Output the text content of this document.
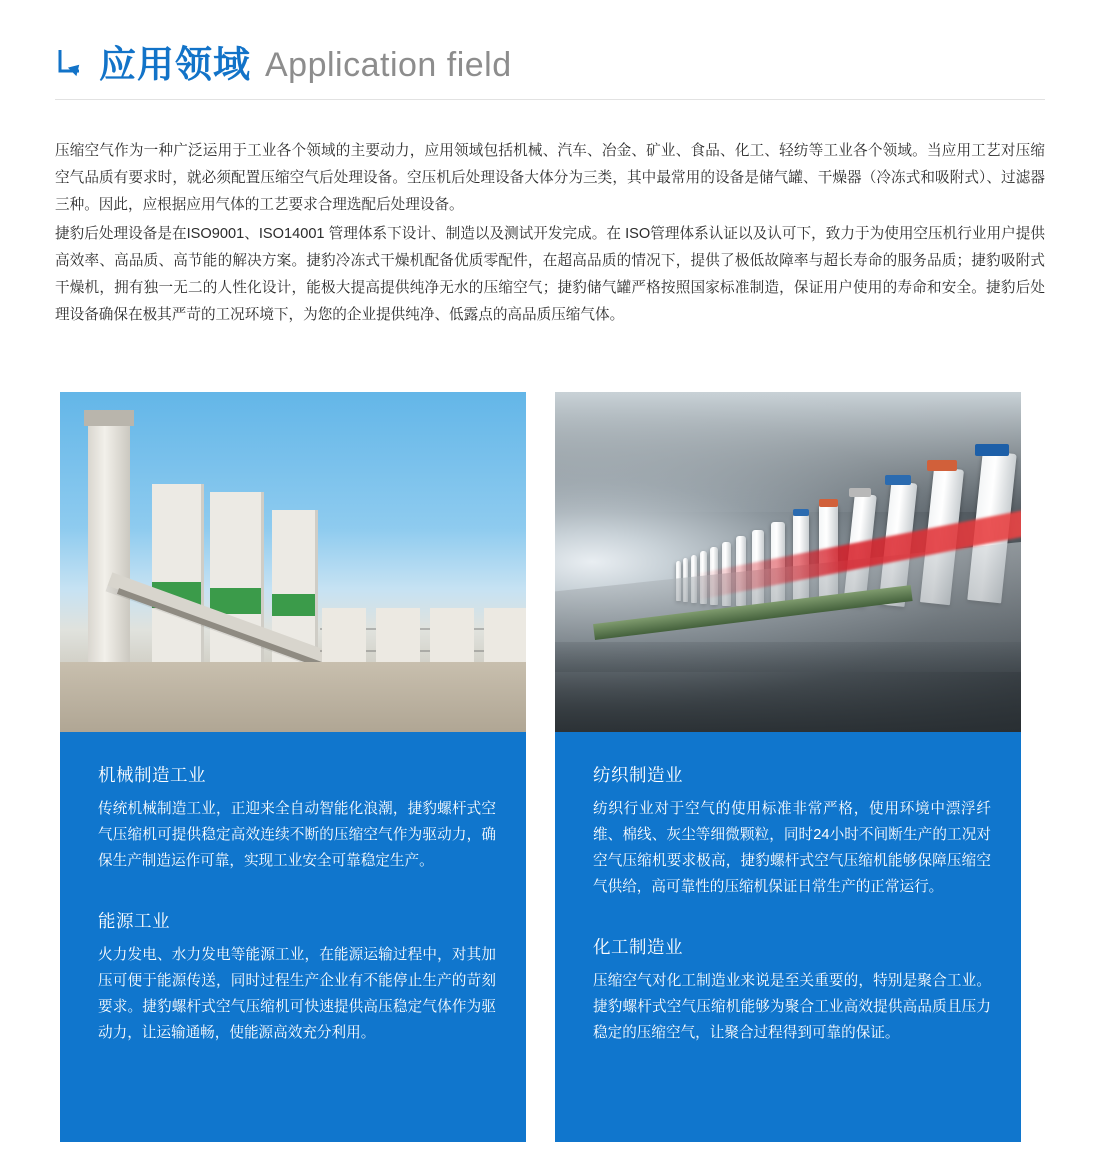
应用领域 Application field

压缩空气作为一种广泛运用于工业各个领域的主要动力，应用领域包括机械、汽车、冶金、矿业、食品、化工、轻纺等工业各个领域。当应用工艺对压缩空气品质有要求时，就必须配置压缩空气后处理设备。空压机后处理设备大体分为三类，其中最常用的设备是储气罐、干燥器（冷冻式和吸附式）、过滤器三种。因此，应根据应用气体的工艺要求合理选配后处理设备。

捷豹后处理设备是在ISO9001、ISO14001 管理体系下设计、制造以及测试开发完成。在 ISO管理体系认证以及认可下，致力于为使用空压机行业用户提供高效率、高品质、高节能的解决方案。捷豹冷冻式干燥机配备优质零配件，在超高品质的情况下，提供了极低故障率与超长寿命的服务品质；捷豹吸附式干燥机，拥有独一无二的人性化设计，能极大提高提供纯净无水的压缩空气；捷豹储气罐严格按照国家标准制造，保证用户使用的寿命和安全。捷豹后处理设备确保在极其严苛的工况环境下，为您的企业提供纯净、低露点的高品质压缩气体。

机械制造工业
传统机械制造工业，正迎来全自动智能化浪潮，捷豹螺杆式空气压缩机可提供稳定高效连续不断的压缩空气作为驱动力，确保生产制造运作可靠，实现工业安全可靠稳定生产。
能源工业
火力发电、水力发电等能源工业，在能源运输过程中，对其加压可便于能源传送，同时过程生产企业有不能停止生产的苛刻要求。捷豹螺杆式空气压缩机可快速提供高压稳定气体作为驱动力，让运输通畅，使能源高效充分利用。
纺织制造业
纺织行业对于空气的使用标准非常严格，使用环境中漂浮纤维、棉线、灰尘等细微颗粒，同时24小时不间断生产的工况对空气压缩机要求极高，捷豹螺杆式空气压缩机能够保障压缩空气供给，高可靠性的压缩机保证日常生产的正常运行。
化工制造业
压缩空气对化工制造业来说是至关重要的，特别是聚合工业。捷豹螺杆式空气压缩机能够为聚合工业高效提供高品质且压力稳定的压缩空气，让聚合过程得到可靠的保证。
